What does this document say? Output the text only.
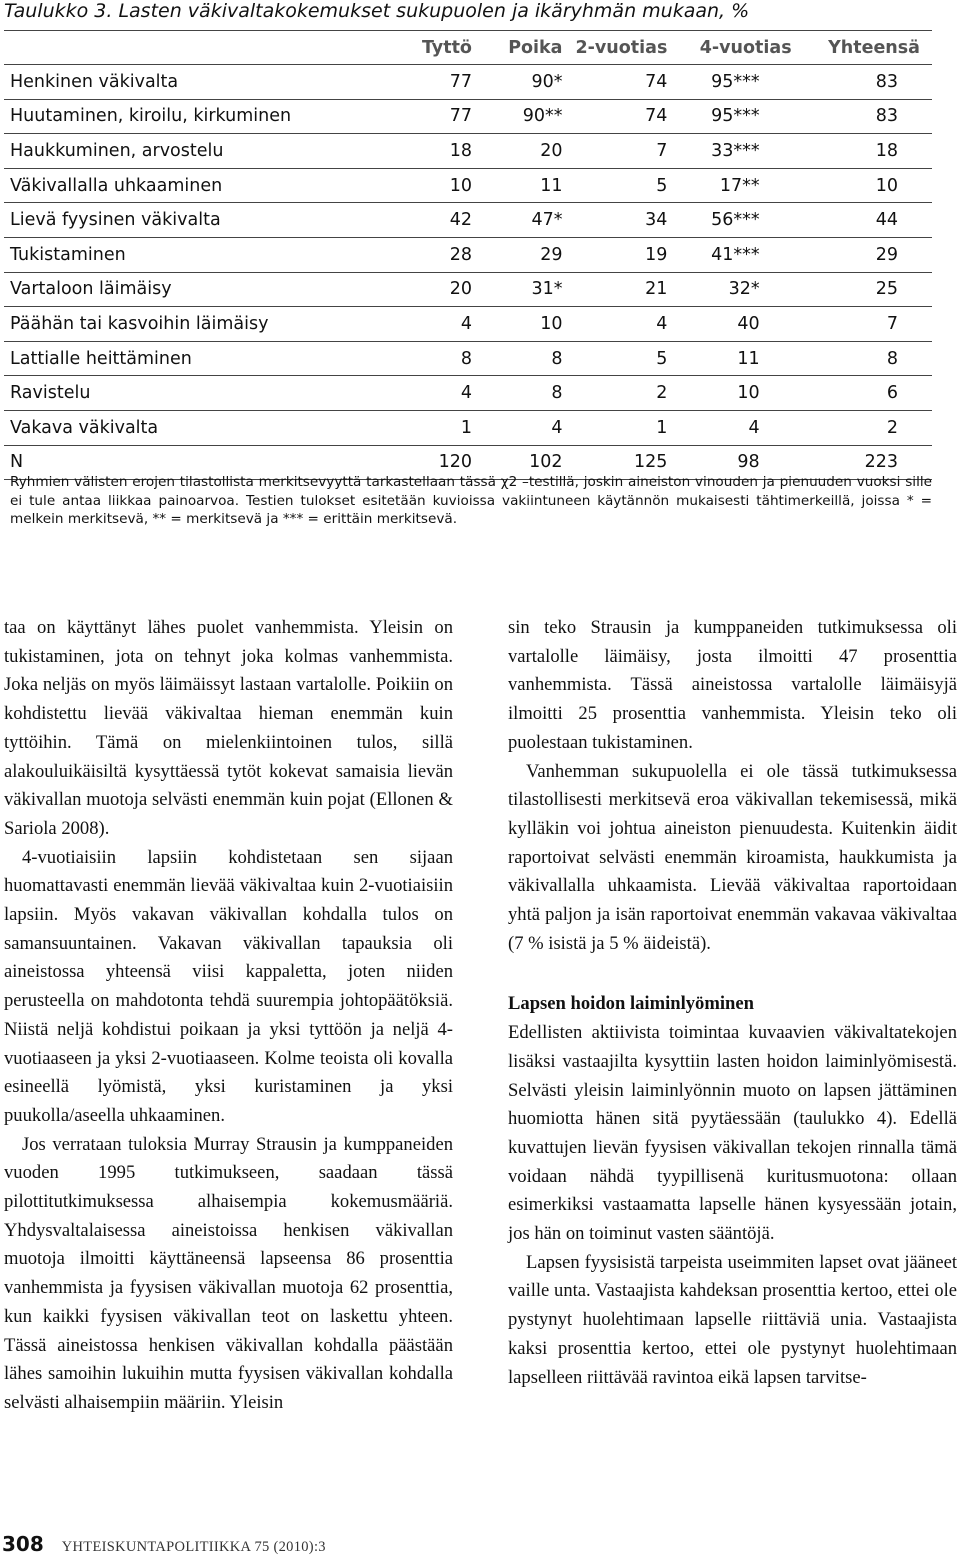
Taulukko 3. Lasten väkivaltakokemukset sukupuolen ja ikäryhmän mukaan, %
	Tyttö	Poika	2-vuotias	4-vuotias	Yhteensä
Henkinen väkivalta	77	90*	74	95***	83
Huutaminen, kiroilu, kirkuminen	77	90**	74	95***	83
Haukkuminen, arvostelu	18	20	7	33***	18
Väkivallalla uhkaaminen	10	11	5	17**	10
Lievä fyysinen väkivalta	42	47*	34	56***	44
Tukistaminen	28	29	19	41***	29
Vartaloon läimäisy	20	31*	21	32*	25
Päähän tai kasvoihin läimäisy	4	10	4	40	7
Lattialle heittäminen	8	8	5	11	8
Ravistelu	4	8	2	10	6
Vakava väkivalta	1	4	1	4	2
N	120	102	125	98	223
Ryhmien välisten erojen tilastollista merkitsevyyttä tarkastellaan tässä χ2 –testillä, joskin aineiston vinouden ja pienuuden vuoksi sille ei tule antaa liikkaa painoarvoa. Testien tulokset esitetään kuvioissa vakiintuneen käytännön mukaisesti tähtimerkeillä, joissa * = melkein merkitsevä, ** = merkitsevä ja *** = erittäin merkitsevä.

taa on käyttänyt lähes puolet vanhemmista. Yleisin on tukistaminen, jota on tehnyt joka kolmas vanhemmista. Joka neljäs on myös läimäissyt lastaan vartalolle. Poikiin on kohdistettu lievää väkivaltaa hieman enemmän kuin tyttöihin. Tämä on mielenkiintoinen tulos, sillä alakouluikäisiltä kysyttäessä tytöt kokevat samaisia lievän väkivallan muotoja selvästi enemmän kuin pojat (Ellonen & Sariola 2008).

4-vuotiaisiin lapsiin kohdistetaan sen sijaan huomattavasti enemmän lievää väkivaltaa kuin 2-vuotiaisiin lapsiin. Myös vakavan väkivallan kohdalla tulos on samansuuntainen. Vakavan väkivallan tapauksia oli aineistossa yhteensä viisi kappaletta, joten niiden perusteella on mahdotonta tehdä suurempia johtopäätöksiä. Niistä neljä kohdistui poikaan ja yksi tyttöön ja neljä 4-vuotiaaseen ja yksi 2-vuotiaaseen. Kolme teoista oli kovalla esineellä lyömistä, yksi kuristaminen ja yksi puukolla/aseella uhkaaminen.

Jos verrataan tuloksia Murray Strausin ja kumppaneiden vuoden 1995 tutkimukseen, saadaan tässä pilottitutkimuksessa alhaisempia kokemusmääriä. Yhdysvaltalaisessa aineistoissa henkisen väkivallan muotoja ilmoitti käyttäneensä lapseensa 86 prosenttia vanhemmista ja fyysisen väkivallan muotoja 62 prosenttia, kun kaikki fyysisen väkivallan teot on laskettu yhteen. Tässä aineistossa henkisen väkivallan kohdalla päästään lähes samoihin lukuihin mutta fyysisen väkivallan kohdalla selvästi alhaisempiin määriin. Yleisin

sin teko Strausin ja kumppaneiden tutkimuksessa oli vartalolle läimäisy, josta ilmoitti 47 prosenttia vanhemmista. Tässä aineistossa vartalolle läimäisyjä ilmoitti 25 prosenttia vanhemmista. Yleisin teko oli puolestaan tukistaminen.

Vanhemman sukupuolella ei ole tässä tutkimuksessa tilastollisesti merkitsevä eroa väkivallan tekemisessä, mikä kylläkin voi johtua aineiston pienuudesta. Kuitenkin äidit raportoivat selvästi enemmän kiroamista, haukkumista ja väkivallalla uhkaamista. Lievää väkivaltaa raportoidaan yhtä paljon ja isän raportoivat enemmän vakavaa väkivaltaa (7 % isistä ja 5 % äideistä).

Lapsen hoidon laiminlyöminen

Edellisten aktiivista toimintaa kuvaavien väkivaltatekojen lisäksi vastaajilta kysyttiin lasten hoidon laiminlyömisestä. Selvästi yleisin laiminlyönnin muoto on lapsen jättäminen huomiotta hänen sitä pyytäessään (taulukko 4). Edellä kuvattujen lievän fyysisen väkivallan tekojen rinnalla tämä voidaan nähdä tyypillisenä kuritusmuotona: ollaan esimerkiksi vastaamatta lapselle hänen kysyessään jotain, jos hän on toiminut vasten sääntöjä.

Lapsen fyysisistä tarpeista useimmiten lapset ovat jääneet vaille unta. Vastaajista kahdeksan prosenttia kertoo, ettei ole pystynyt huolehtimaan lapselle riittäviä unia. Vastaajista kaksi prosenttia kertoo, ettei ole pystynyt huolehtimaan lapselleen riittävää ravintoa eikä lapsen tarvitse-

308 YHTEISKUNTAPOLITIIKKA 75 (2010):3
